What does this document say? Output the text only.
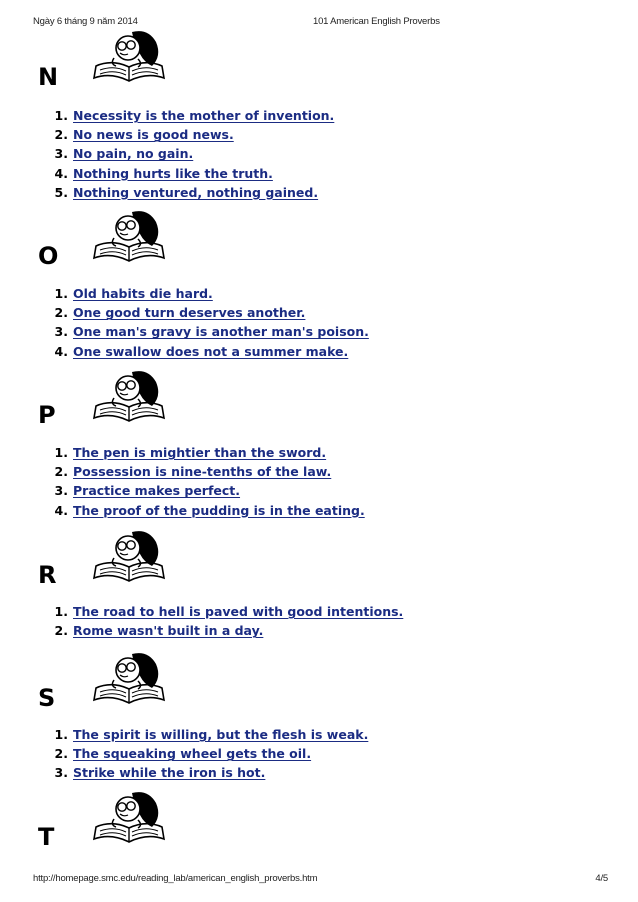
Ngày 6 tháng 9 năm 2014	101 American English Proverbs
N
1. Necessity is the mother of invention.
2. No news is good news.
3. No pain, no gain.
4. Nothing hurts like the truth.
5. Nothing ventured, nothing gained.
O
1. Old habits die hard.
2. One good turn deserves another.
3. One man's gravy is another man's poison.
4. One swallow does not a summer make.
P
1. The pen is mightier than the sword.
2. Possession is nine-tenths of the law.
3. Practice makes perfect.
4. The proof of the pudding is in the eating.
R
1. The road to hell is paved with good intentions.
2. Rome wasn't built in a day.
S
1. The spirit is willing, but the flesh is weak.
2. The squeaking wheel gets the oil.
3. Strike while the iron is hot.
T
http://homepage.smc.edu/reading_lab/american_english_proverbs.htm	4/5
